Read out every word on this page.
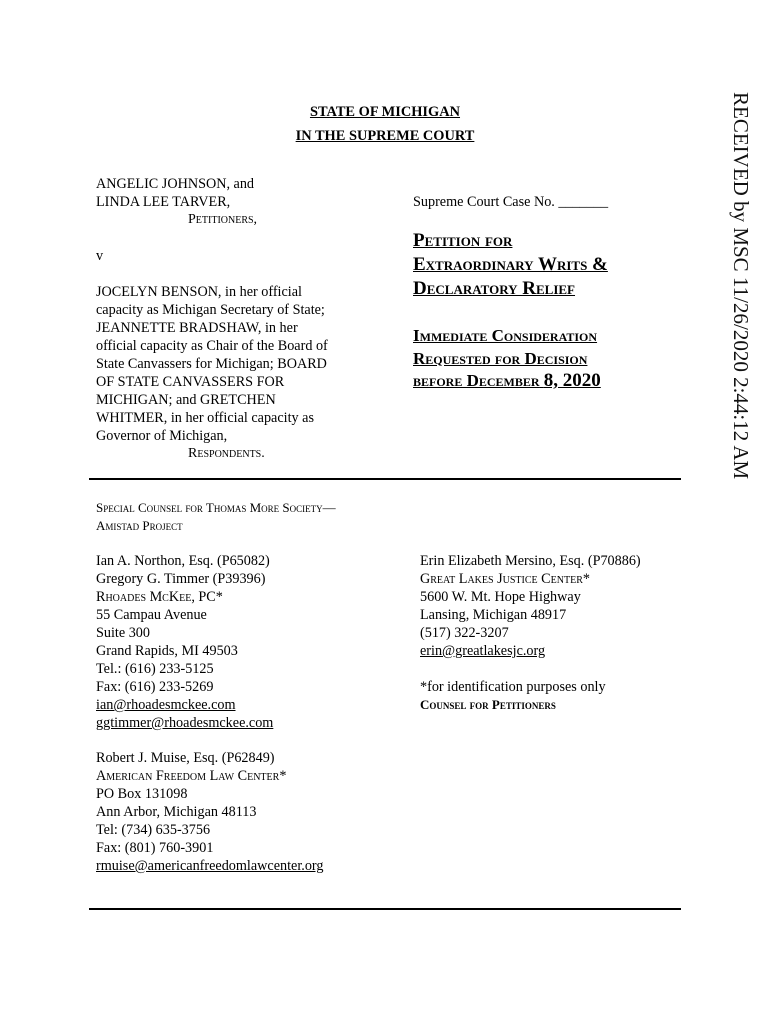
STATE OF MICHIGAN
IN THE SUPREME COURT	RECEIVED by MSC 11/26/2020 2:44:12 AM
ANGELIC JOHNSON, and
LINDA LEE TARVER,
Petitioners,
v
JOCELYN BENSON, in her official
capacity as Michigan Secretary of State;
JEANNETTE BRADSHAW, in her
official capacity as Chair of the Board of
State Canvassers for Michigan; BOARD
OF STATE CANVASSERS FOR
MICHIGAN; and GRETCHEN
WHITMER, in her official capacity as
Governor of Michigan,
Respondents.
Supreme Court Case No. _______
Petition for
Extraordinary Writs &
Declaratory Relief
Immediate Consideration
Requested for Decision
before December 8, 2020
Special Counsel for Thomas More Society—
Amistad Project
Ian A. Northon, Esq. (P65082)
Gregory G. Timmer (P39396)
Rhoades McKee, PC*
55 Campau Avenue
Suite 300
Grand Rapids, MI 49503
Tel.: (616) 233-5125
Fax: (616) 233-5269
ian@rhoadesmckee.com
ggtimmer@rhoadesmckee.com
Erin Elizabeth Mersino, Esq. (P70886)
Great Lakes Justice Center*
5600 W. Mt. Hope Highway
Lansing, Michigan 48917
(517) 322-3207
erin@greatlakesjc.org
*for identification purposes only
Counsel for Petitioners
Robert J. Muise, Esq. (P62849)
American Freedom Law Center*
PO Box 131098
Ann Arbor, Michigan 48113
Tel: (734) 635-3756
Fax: (801) 760-3901
rmuise@americanfreedomlawcenter.org
